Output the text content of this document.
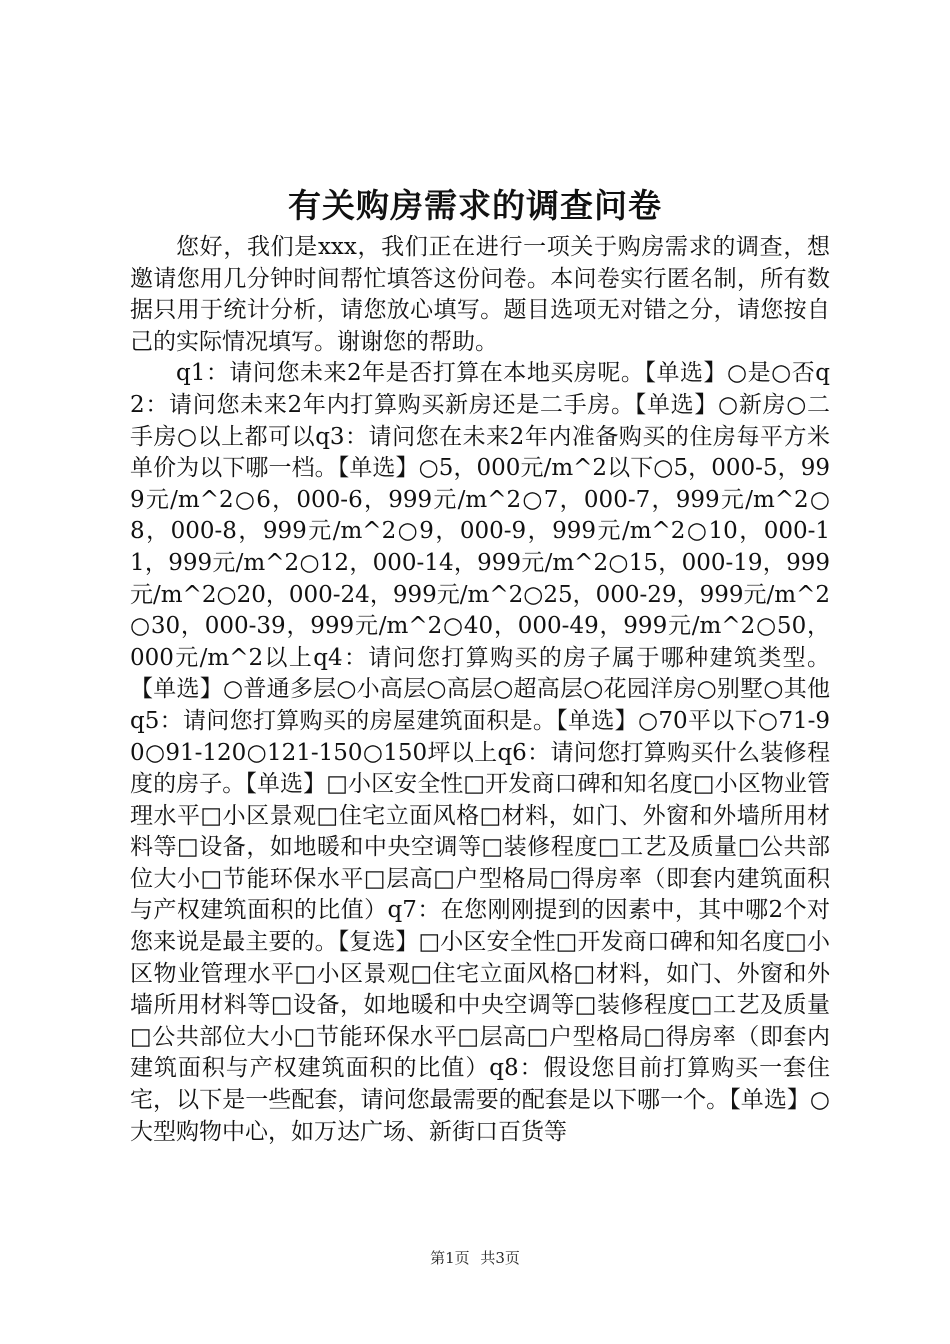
有关购房需求的调查问卷

您好，我们是xxx，我们正在进行一项关于购房需求的调查，想邀请您用几分钟时间帮忙填答这份问卷。本问卷实行匿名制，所有数据只用于统计分析，请您放心填写。题目选项无对错之分，请您按自己的实际情况填写。谢谢您的帮助。

q1：请问您未来2年是否打算在本地买房呢。【单选】○是○否q2：请问您未来2年内打算购买新房还是二手房。【单选】○新房○二手房○以上都可以q3：请问您在未来2年内准备购买的住房每平方米单价为以下哪一档。【单选】○5，000元/m^2以下○5，000-5，999元/m^2○6，000-6，999元/m^2○7，000-7，999元/m^2○8，000-8，999元/m^2○9，000-9，999元/m^2○10，000-11，999元/m^2○12，000-14，999元/m^2○15，000-19，999元/m^2○20，000-24，999元/m^2○25，000-29，999元/m^2○30，000-39，999元/m^2○40，000-49，999元/m^2○50，000元/m^2以上q4：请问您打算购买的房子属于哪种建筑类型。【单选】○普通多层○小高层○高层○超高层○花园洋房○别墅○其他q5：请问您打算购买的房屋建筑面积是。【单选】○70平以下○71-90○91-120○121-150○150坪以上q6：请问您打算购买什么装修程度的房子。【单选】□小区安全性□开发商口碑和知名度□小区物业管理水平□小区景观□住宅立面风格□材料，如门、外窗和外墙所用材料等□设备，如地暖和中央空调等□装修程度□工艺及质量□公共部位大小□节能环保水平□层高□户型格局□得房率（即套内建筑面积与产权建筑面积的比值）q7：在您刚刚提到的因素中，其中哪2个对您来说是最主要的。【复选】□小区安全性□开发商口碑和知名度□小区物业管理水平□小区景观□住宅立面风格□材料，如门、外窗和外墙所用材料等□设备，如地暖和中央空调等□装修程度□工艺及质量□公共部位大小□节能环保水平□层高□户型格局□得房率（即套内建筑面积与产权建筑面积的比值）q8：假设您目前打算购买一套住宅，以下是一些配套，请问您最需要的配套是以下哪一个。【单选】○大型购物中心，如万达广场、新街口百货等

第1页 共3页
